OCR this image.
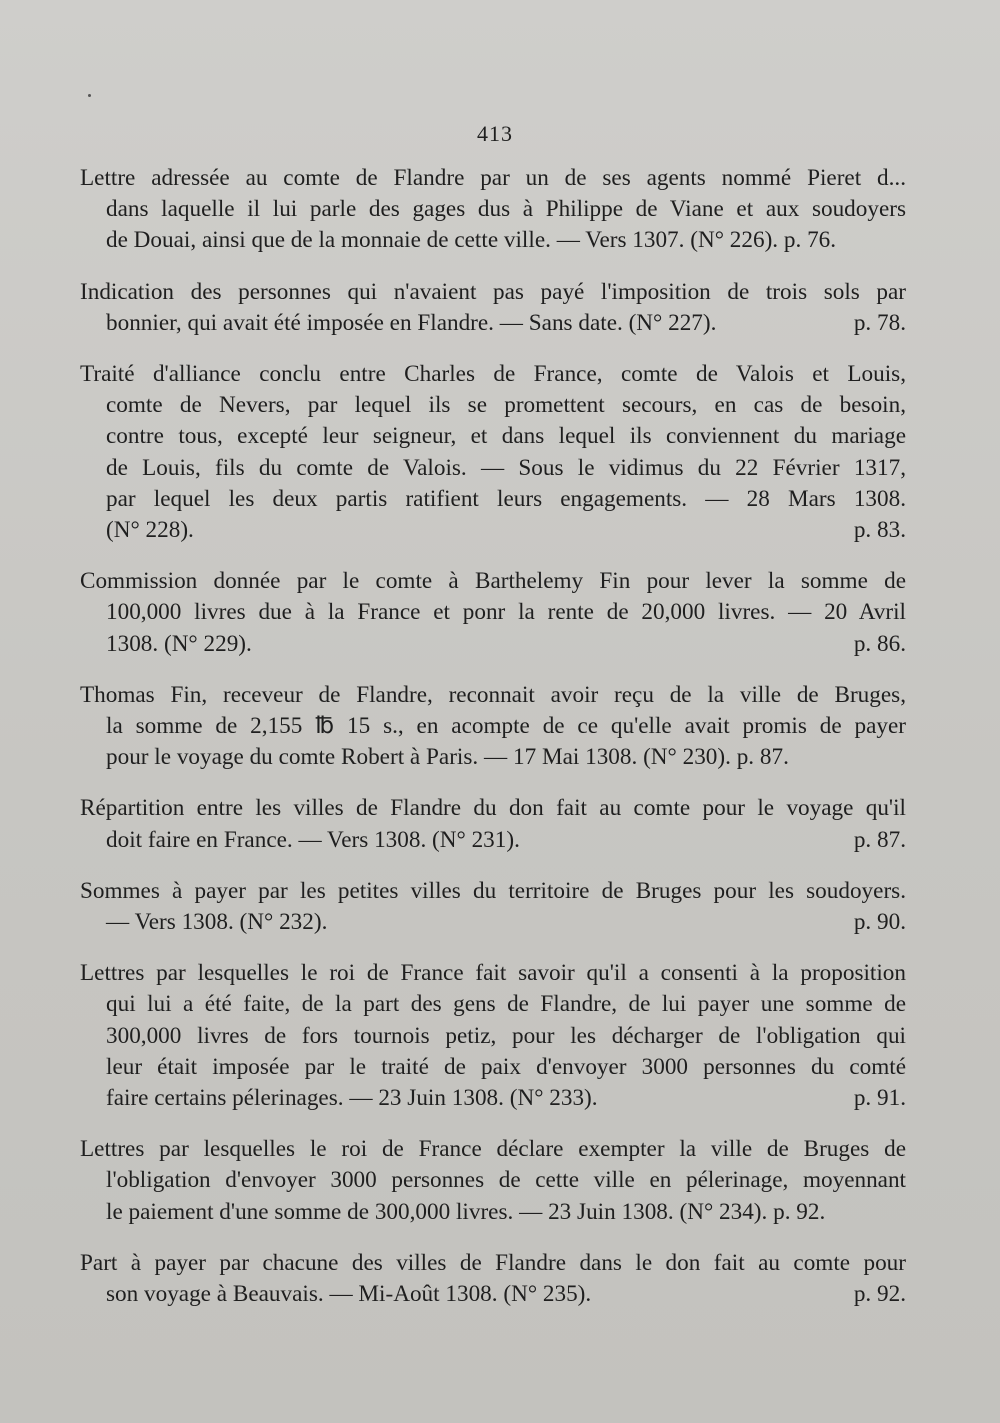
413
Lettre adressée au comte de Flandre par un de ses agents nommé Pieret d...
dans laquelle il lui parle des gages dus à Philippe de Viane et aux soudoyers
de Douai, ainsi que de la monnaie de cette ville. — Vers 1307. (N° 226). p. 76.
Indication des personnes qui n'avaient pas payé l'imposition de trois sols par
bonnier, qui avait été imposée en Flandre. — Sans date. (N° 227).	p. 78.
Traité d'alliance conclu entre Charles de France, comte de Valois et Louis,
comte de Nevers, par lequel ils se promettent secours, en cas de besoin,
contre tous, excepté leur seigneur, et dans lequel ils conviennent du mariage
de Louis, fils du comte de Valois. — Sous le vidimus du 22 Février 1317,
par lequel les deux partis ratifient leurs engagements. — 28 Mars 1308.
(N° 228).	p. 83.
Commission donnée par le comte à Barthelemy Fin pour lever la somme de
100,000 livres due à la France et ponr la rente de 20,000 livres. — 20 Avril
1308. (N° 229).	p. 86.
Thomas Fin, receveur de Flandre, reconnait avoir reçu de la ville de Bruges,
la somme de 2,155 ℔ 15 s., en acompte de ce qu'elle avait promis de payer
pour le voyage du comte Robert à Paris. — 17 Mai 1308. (N° 230). p. 87.
Répartition entre les villes de Flandre du don fait au comte pour le voyage qu'il
doit faire en France. — Vers 1308. (N° 231).	p. 87.
Sommes à payer par les petites villes du territoire de Bruges pour les soudoyers.
— Vers 1308. (N° 232).	p. 90.
Lettres par lesquelles le roi de France fait savoir qu'il a consenti à la proposition
qui lui a été faite, de la part des gens de Flandre, de lui payer une somme de
300,000 livres de fors tournois petiz, pour les décharger de l'obligation qui
leur était imposée par le traité de paix d'envoyer 3000 personnes du comté
faire certains pélerinages. — 23 Juin 1308. (N° 233).	p. 91.
Lettres par lesquelles le roi de France déclare exempter la ville de Bruges de
l'obligation d'envoyer 3000 personnes de cette ville en pélerinage, moyennant
le paiement d'une somme de 300,000 livres. — 23 Juin 1308. (N° 234). p. 92.
Part à payer par chacune des villes de Flandre dans le don fait au comte pour
son voyage à Beauvais. — Mi-Août 1308. (N° 235).	p. 92.
